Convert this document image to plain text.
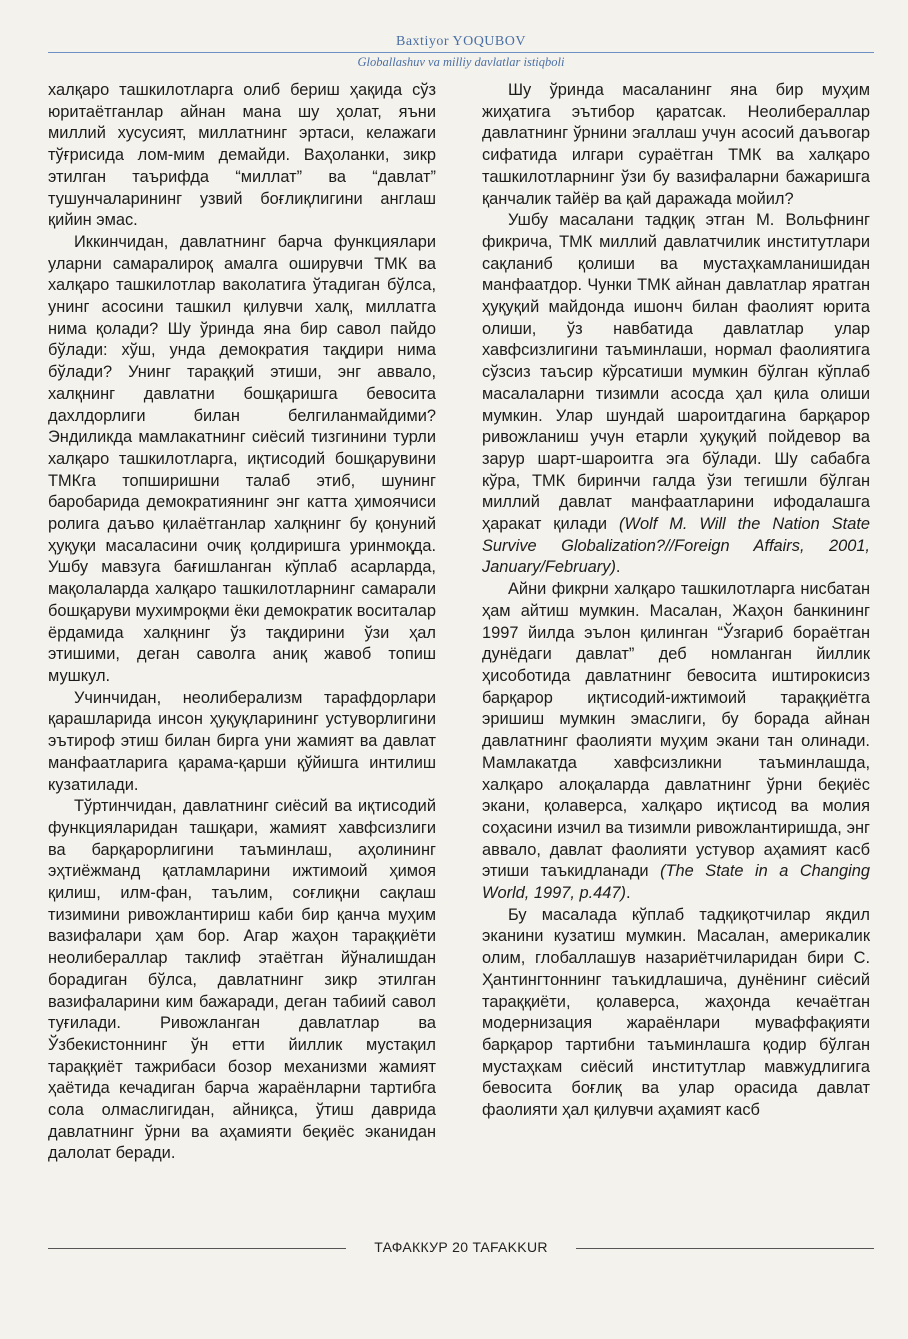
Baxtiyor YOQUBOV
Globallashuv va milliy davlatlar istiqboli

халқаро ташкилотларга олиб бериш ҳақида сўз юритаётганлар айнан мана шу ҳолат, яъни миллий хусусият, миллатнинг эртаси, келажаги тўғрисида лом-мим демайди. Ваҳоланки, зикр этилган таърифда “миллат” ва “давлат” тушунчаларининг узвий боғлиқлигини англаш қийин эмас.

Иккинчидан, давлатнинг барча функциялари уларни самаралироқ амалга оширувчи ТМК ва халқаро ташкилотлар ваколатига ўтадиган бўлса, унинг асосини ташкил қилувчи халқ, миллатга нима қолади? Шу ўринда яна бир савол пайдо бўлади: хўш, унда демократия тақдири нима бўлади? Унинг тараққий этиши, энг аввало, халқнинг давлатни бошқаришга бевосита дахлдорлиги билан белгиланмайдими? Эндиликда мамлакатнинг сиёсий тизгинини турли халқаро ташкилотларга, иқтисодий бошқарувини ТМКга топширишни талаб этиб, шунинг баробарида демократиянинг энг катта ҳимоячиси ролига даъво қилаётганлар халқнинг бу қонуний ҳуқуқи масаласини очиқ қолдиришга уринмоқда. Ушбу мавзуга бағишланган кўплаб асарларда, мақолаларда халқаро ташкилотларнинг самарали бошқаруви мухимроқми ёки демократик воситалар ёрдамида халқнинг ўз тақдирини ўзи ҳал этишими, деган саволга аниқ жавоб топиш мушкул.

Учинчидан, неолиберализм тарафдорлари қарашларида инсон ҳуқуқларининг устуворлигини эътироф этиш билан бирга уни жамият ва давлат манфаатларига қарама-қарши қўйишга интилиш кузатилади.

Тўртинчидан, давлатнинг сиёсий ва иқтисодий функцияларидан ташқари, жамият хавфсизлиги ва барқарорлигини таъминлаш, аҳолининг эҳтиёжманд қатламларини ижтимоий ҳимоя қилиш, илм-фан, таълим, соғлиқни сақлаш тизимини ривожлантириш каби бир қанча муҳим вазифалари ҳам бор. Агар жаҳон тараққиёти неолибераллар таклиф этаётган йўналишдан борадиган бўлса, давлатнинг зикр этилган вазифаларини ким бажаради, деган табиий савол туғилади. Ривожланган давлатлар ва Ўзбекистоннинг ўн етти йиллик мустақил тараққиёт тажрибаси бозор механизми жамият ҳаётида кечадиган барча жараёнларни тартибга сола олмаслигидан, айниқса, ўтиш даврида давлатнинг ўрни ва аҳамияти беқиёс эканидан далолат беради.

Шу ўринда масаланинг яна бир муҳим жиҳатига эътибор қаратсак. Неолибераллар давлатнинг ўрнини эгаллаш учун асосий даъвогар сифатида илгари сураётган ТМК ва халқаро ташкилотларнинг ўзи бу вазифаларни бажаришга қанчалик тайёр ва қай даражада мойил?

Ушбу масалани тадқиқ этган М. Вольфнинг фикрича, ТМК миллий давлатчилик институтлари сақланиб қолиши ва мустаҳкамланишидан манфаатдор. Чунки ТМК айнан давлатлар яратган ҳуқуқий майдонда ишонч билан фаолият юрита олиши, ўз навбатида давлатлар улар хавфсизлигини таъминлаши, нормал фаолиятига сўзсиз таъсир кўрсатиши мумкин бўлган кўплаб масалаларни тизимли асосда ҳал қила олиши мумкин. Улар шундай шароитдагина барқарор ривожланиш учун етарли ҳуқуқий пойдевор ва зарур шарт-шароитга эга бўлади. Шу сабабга кўра, ТМК биринчи галда ўзи тегишли бўлган миллий давлат манфаатларини ифодалашга ҳаракат қилади (Wolf M. Will the Nation State Survive Globalization?//Foreign Affairs, 2001, January/February).

Айни фикрни халқаро ташкилотларга нисбатан ҳам айтиш мумкин. Масалан, Жаҳон банкининг 1997 йилда эълон қилинган “Ўзгариб бораётган дунёдаги давлат” деб номланган йиллик ҳисоботида давлатнинг бевосита иштирокисиз барқарор иқтисодий-ижтимоий тараққиётга эришиш мумкин эмаслиги, бу борада айнан давлатнинг фаолияти муҳим экани тан олинади. Мамлакатда хавфсизликни таъминлашда, халқаро алоқаларда давлатнинг ўрни беқиёс экани, қолаверса, халқаро иқтисод ва молия соҳасини изчил ва тизимли ривожлантиришда, энг аввало, давлат фаолияти устувор аҳамият касб этиши таъкидланади (The State in a Changing World, 1997, p.447).

Бу масалада кўплаб тадқиқотчилар якдил эканини кузатиш мумкин. Масалан, америкалик олим, глобаллашув назариётчиларидан бири С. Ҳантингтоннинг таъкидлашича, дунёнинг сиёсий тараққиёти, қолаверса, жаҳонда кечаётган модернизация жараёнлари муваффақияти барқарор тартибни таъминлашга қодир бўлган мустаҳкам сиёсий институтлар мавжудлигига бевосита боғлиқ ва улар орасида давлат фаолияти ҳал қилувчи аҳамият касб

ТАФАККУР 20 TAFAKKUR
